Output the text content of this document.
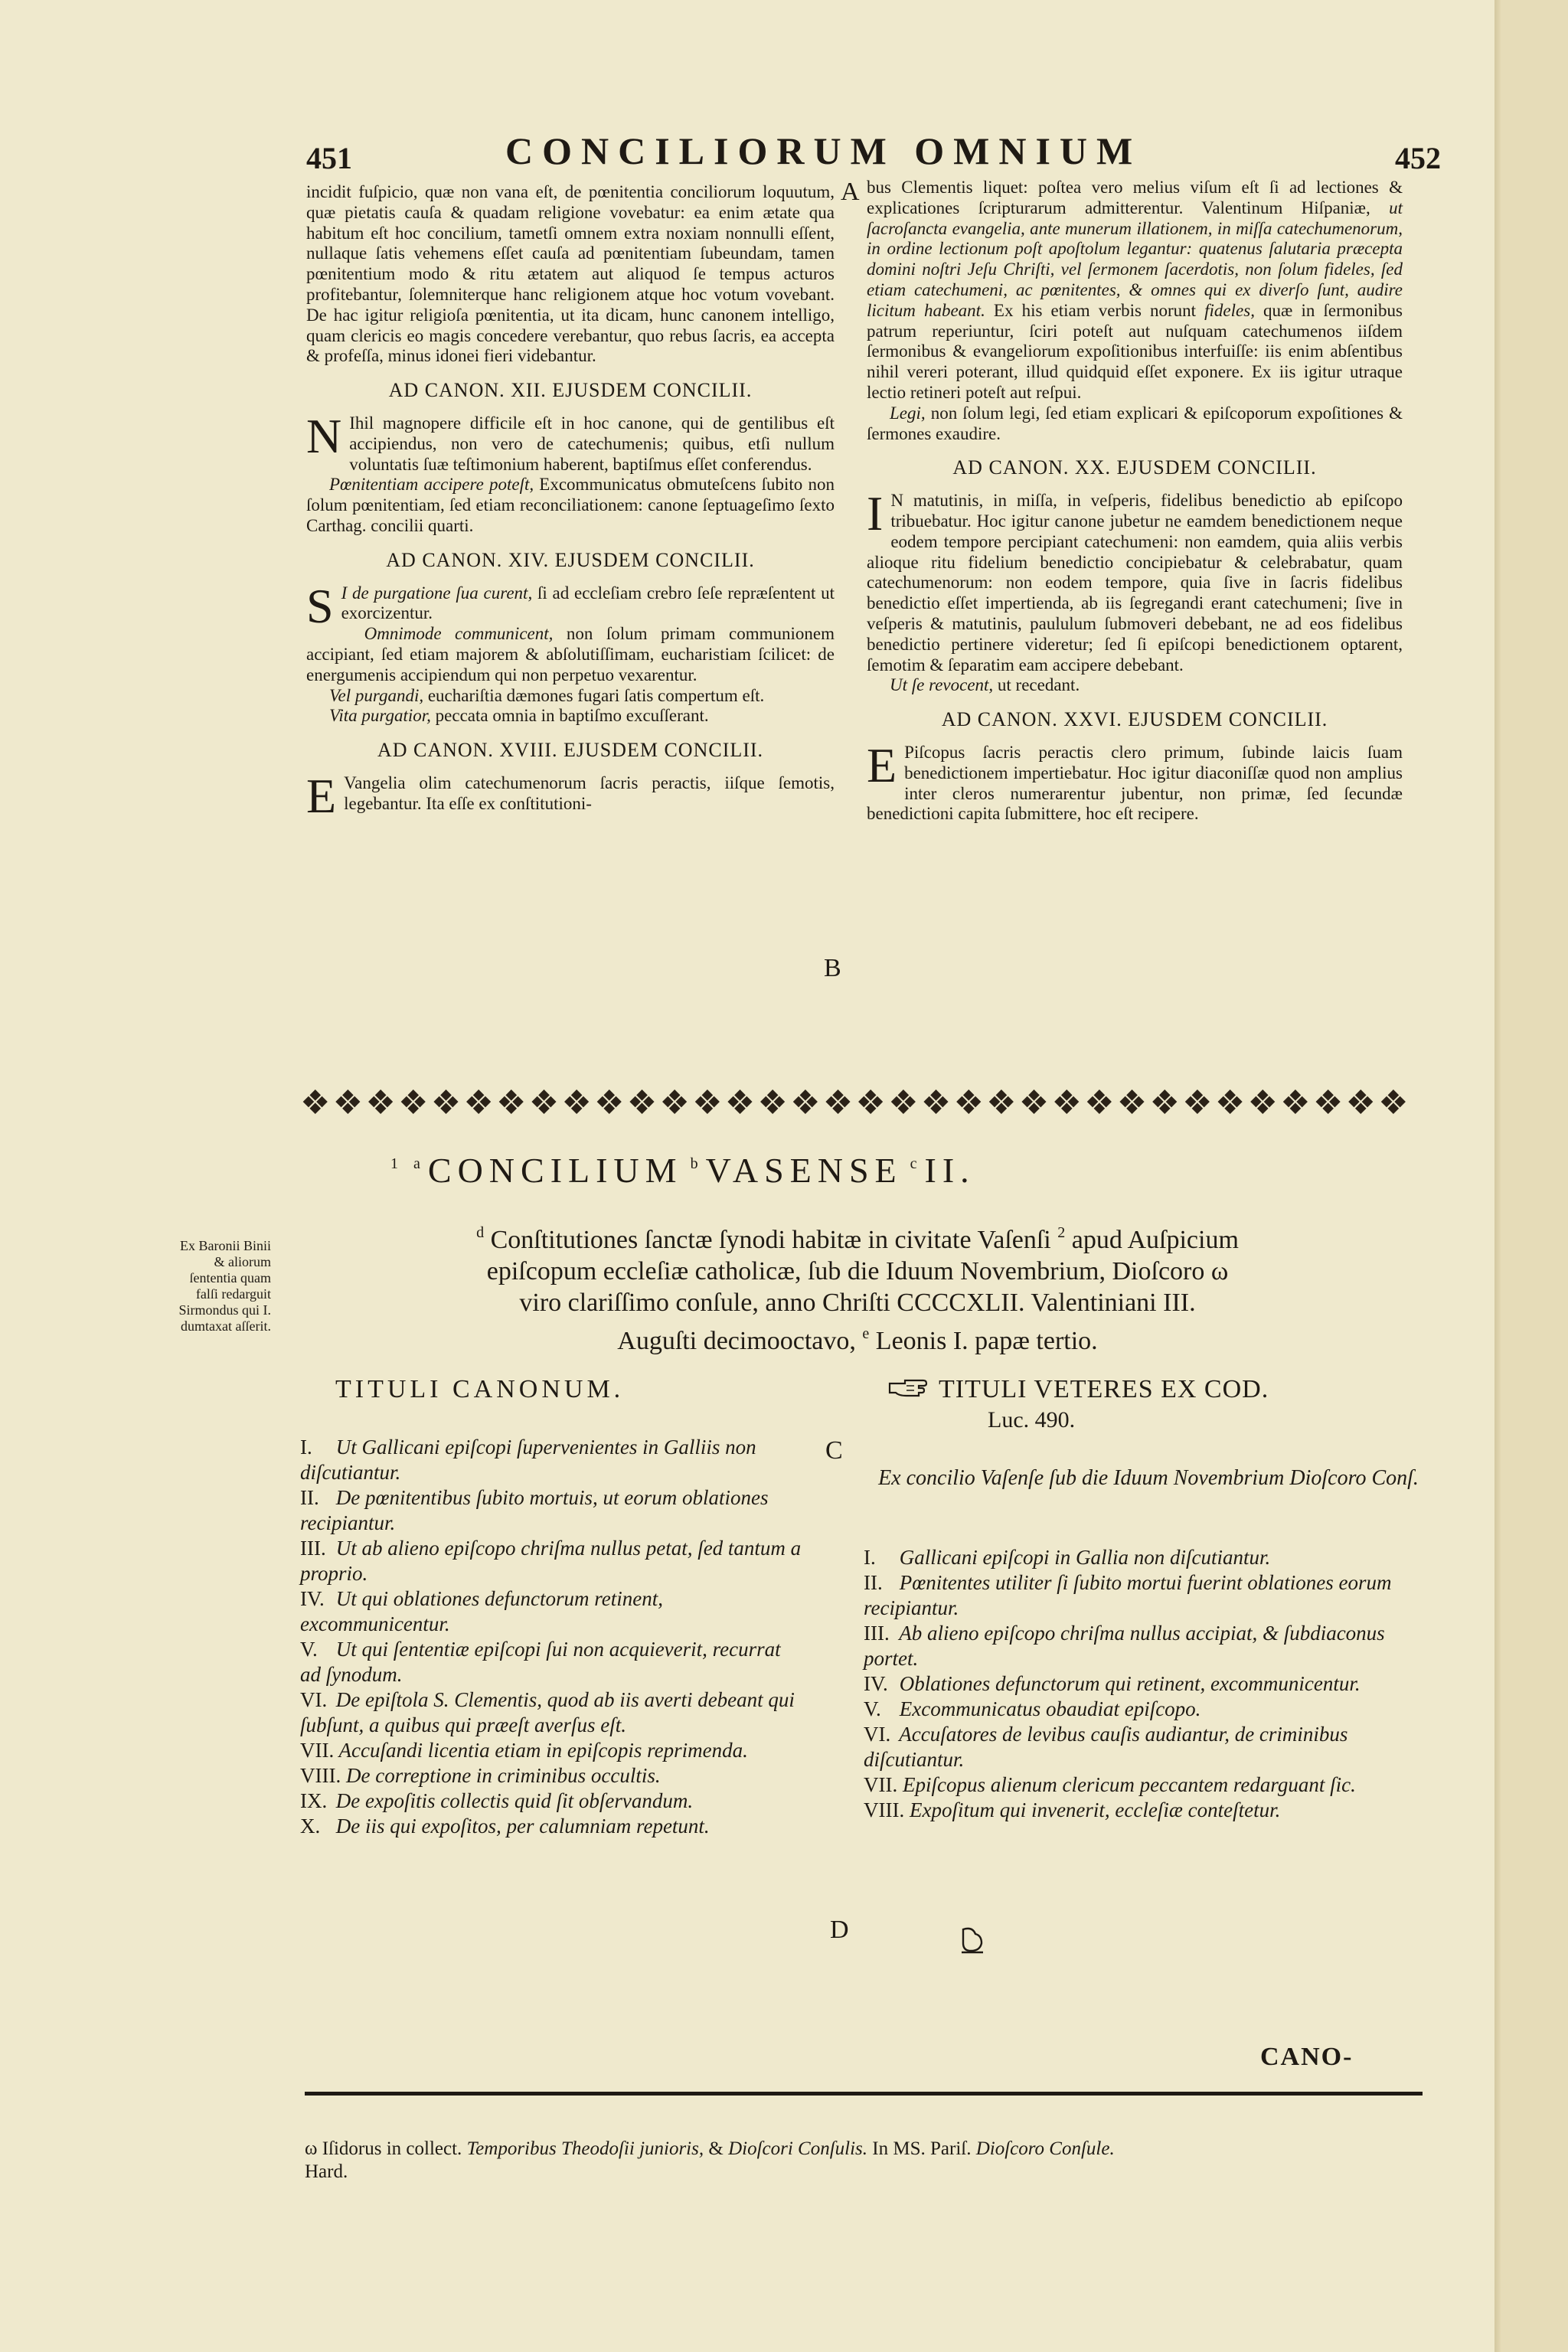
451	CONCILIORUM OMNIUM	452
A
B
C
D

incidit fuſpicio, quæ non vana eſt, de pœnitentia conciliorum loquutum, quæ pietatis cauſa & quadam religione vovebatur: ea enim ætate qua habitum eſt hoc concilium, tametſi omnem extra noxiam nonnulli eſſent, nullaque ſatis vehemens eſſet cauſa ad pœnitentiam ſubeundam, tamen pœnitentium modo & ritu ætatem aut aliquod ſe tempus acturos profitebantur, ſolemniterque hanc religionem atque hoc votum vovebant. De hac igitur religioſa pœnitentia, ut ita dicam, hunc canonem intelligo, quam clericis eo magis concedere verebantur, quo rebus ſacris, ea accepta & profeſſa, minus idonei fieri videbantur.

AD CANON. XII. EJUSDEM CONCILII.

N Ihil magnopere difficile eſt in hoc canone, qui de gentilibus eſt accipiendus, non vero de catechumenis; quibus, etſi nullum voluntatis ſuæ teſtimonium haberent, baptiſmus eſſet conferendus.

Pœnitentiam accipere poteſt, Excommunicatus obmuteſcens ſubito non ſolum pœnitentiam, ſed etiam reconciliationem: canone ſeptuageſimo ſexto Carthag. concilii quarti.

AD CANON. XIV. EJUSDEM CONCILII.

S I de purgatione ſua curent, ſi ad eccleſiam crebro ſeſe repræſentent ut exorcizentur.

Omnimode communicent, non ſolum primam communionem accipiant, ſed etiam majorem & abſolutiſſimam, eucharistiam ſcilicet: de energumenis accipiendum qui non perpetuo vexarentur.

Vel purgandi, euchariſtia dæmones fugari ſatis compertum eſt.

Vita purgatior, peccata omnia in baptiſmo excuſſerant.

AD CANON. XVIII. EJUSDEM CONCILII.

E Vangelia olim catechumenorum ſacris peractis, iiſque ſemotis, legebantur. Ita eſſe ex conſtitutioni-

bus Clementis liquet: poſtea vero melius viſum eſt ſi ad lectiones & explicationes ſcripturarum admitterentur. Valentinum Hiſpaniæ, ut ſacroſancta evangelia, ante munerum illationem, in miſſa catechumenorum, in ordine lectionum poſt apoſtolum legantur: quatenus ſalutaria præcepta domini noſtri Jeſu Chriſti, vel ſermonem ſacerdotis, non ſolum fideles, ſed etiam catechumeni, ac pœnitentes, & omnes qui ex diverſo ſunt, audire licitum habeant. Ex his etiam verbis norunt fideles, quæ in ſermonibus patrum reperiuntur, ſciri poteſt aut nuſquam catechumenos iiſdem ſermonibus & evangeliorum expoſitionibus interfuiſſe: iis enim abſentibus nihil vereri poterant, illud quidquid eſſet exponere. Ex iis igitur utraque lectio retineri poteſt aut reſpui.

Legi, non ſolum legi, ſed etiam explicari & epiſcoporum expoſitiones & ſermones exaudire.

AD CANON. XX. EJUSDEM CONCILII.

I N matutinis, in miſſa, in veſperis, fidelibus benedictio ab epiſcopo tribuebatur. Hoc igitur canone jubetur ne eamdem benedictionem neque eodem tempore percipiant catechumeni: non eamdem, quia aliis verbis alioque ritu fidelium benedictio concipiebatur & celebrabatur, quam catechumenorum: non eodem tempore, quia ſive in ſacris fidelibus benedictio eſſet impertienda, ab iis ſegregandi erant catechumeni; ſive in veſperis & matutinis, paululum ſubmoveri debebant, ne ad eos fidelibus benedictio pertinere videretur; ſed ſi epiſcopi benedictionem optarent, ſemotim & ſeparatim eam accipere debebant.

Ut ſe revocent, ut recedant.

AD CANON. XXVI. EJUSDEM CONCILII.

E Piſcopus ſacris peractis clero primum, ſubinde laicis ſuam benedictionem impertiebatur. Hoc igitur diaconiſſæ quod non amplius inter cleros numerarentur jubentur, non primæ, ſed ſecundæ benedictioni capita ſubmittere, hoc eſt recipere.

❖ ❖ ❖ ❖ ❖ ❖ ❖ ❖ ❖ ❖ ❖ ❖ ❖ ❖ ❖ ❖ ❖ ❖ ❖ ❖ ❖ ❖ ❖ ❖ ❖ ❖ ❖ ❖ ❖ ❖ ❖ ❖ ❖ ❖
$^1$ $^a$ CONCILIUM $^b$ VASENSE $^c$ II.
Ex Baronii Binii & aliorum ſententia quam falſi redarguit Sirmondus qui I. dumtaxat aſſerit.
$^d$ Conſtitutiones ſanctæ ſynodi habitæ in civitate Vaſenſi $^2$ apud Auſpicium
epiſcopum eccleſiæ catholicæ, ſub die Iduum Novembrium, Dioſcoro ω
viro clariſſimo conſule, anno Chriſti CCCCXLII. Valentiniani III.
Auguſti decimooctavo, $^e$ Leonis I. papæ tertio.
TITULI CANONUM.	TITULI VETERES EX COD.
Luc. 490.
I. Ut Gallicani epiſcopi ſupervenientes in Galliis non diſcutiantur.
II. De pœnitentibus ſubito mortuis, ut eorum oblationes recipiantur.
III. Ut ab alieno epiſcopo chriſma nullus petat, ſed tantum a proprio.
IV. Ut qui oblationes defunctorum retinent, excommunicentur.
V. Ut qui ſententiæ epiſcopi ſui non acquieverit, recurrat ad ſynodum.
VI. De epiſtola S. Clementis, quod ab iis averti debeant qui ſubſunt, a quibus qui præeſt averſus eſt.
VII. Accuſandi licentia etiam in epiſcopis reprimenda.
VIII. De correptione in criminibus occultis.
IX. De expoſitis collectis quid ſit obſervandum.
X. De iis qui expoſitos, per calumniam repetunt.
Ex concilio Vaſenſe ſub die Iduum Novembrium Dioſcoro Conſ.
I. Gallicani epiſcopi in Gallia non diſcutiantur.
II. Pœnitentes utiliter ſi ſubito mortui fuerint oblationes eorum recipiantur.
III. Ab alieno epiſcopo chriſma nullus accipiat, & ſubdiaconus portet.
IV. Oblationes defunctorum qui retinent, excommunicentur.
V. Excommunicatus obaudiat epiſcopo.
VI. Accuſatores de levibus cauſis audiantur, de criminibus diſcutiantur.
VII. Epiſcopus alienum clericum peccantem redarguant ſic.
VIII. Expoſitum qui invenerit, eccleſiæ conteſtetur.
CANO-
ω Iſidorus in collect. Temporibus Theodoſii junioris, & Dioſcori Conſulis. In MS. Pariſ. Dioſcoro Conſule.
Hard.
